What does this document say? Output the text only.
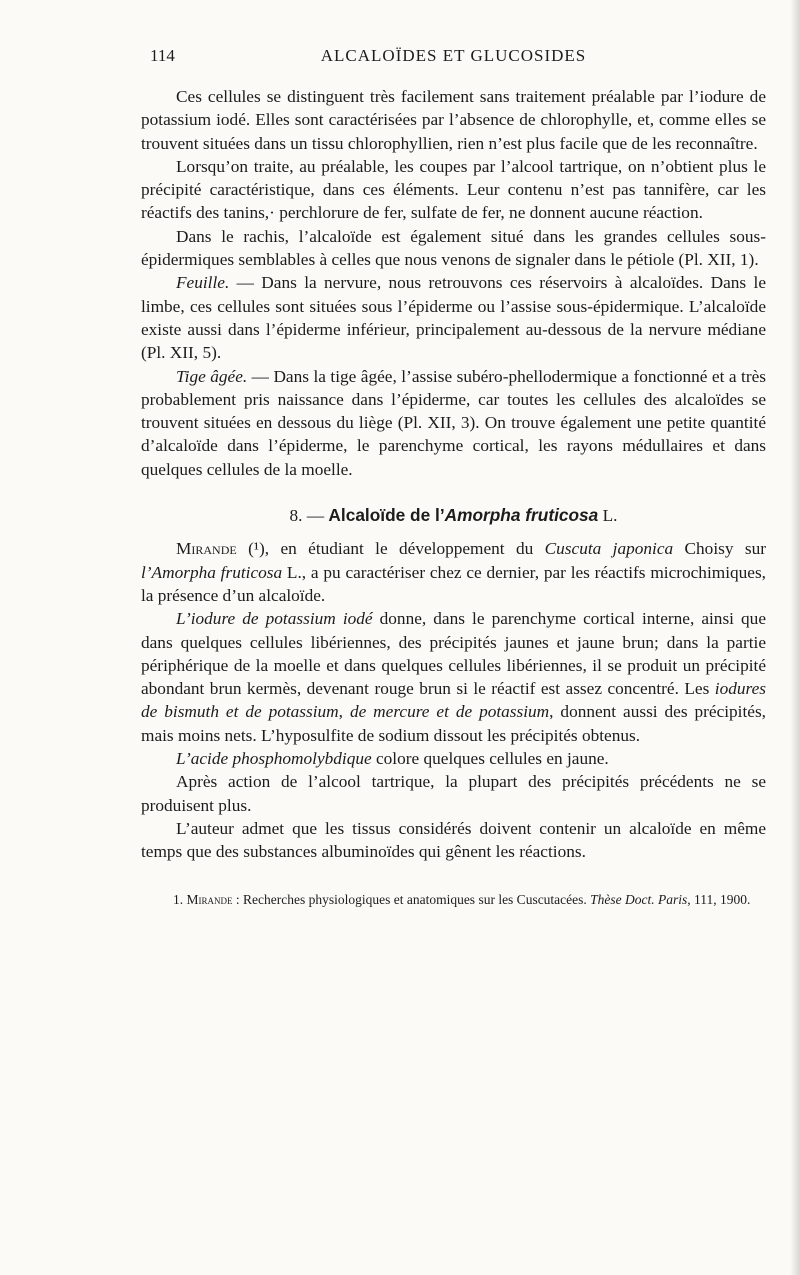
114	ALCALOÏDES ET GLUCOSIDES

Ces cellules se distinguent très facilement sans traitement préalable par l’iodure de potassium iodé. Elles sont caractérisées par l’absence de chlorophylle, et, comme elles se trouvent situées dans un tissu chlorophyllien, rien n’est plus facile que de les reconnaître.

Lorsqu’on traite, au préalable, les coupes par l’alcool tartrique, on n’obtient plus le précipité caractéristique, dans ces éléments. Leur contenu n’est pas tannifère, car les réactifs des tanins,· perchlorure de fer, sulfate de fer, ne donnent aucune réaction.

Dans le rachis, l’alcaloïde est également situé dans les grandes cellules sous-épidermiques semblables à celles que nous venons de signaler dans le pétiole (Pl. XII, 1).

Feuille. — Dans la nervure, nous retrouvons ces réservoirs à alcaloïdes. Dans le limbe, ces cellules sont situées sous l’épiderme ou l’assise sous-épidermique. L’alcaloïde existe aussi dans l’épiderme inférieur, principalement au-dessous de la nervure médiane (Pl. XII, 5).

Tige âgée. — Dans la tige âgée, l’assise subéro-phellodermique a fonctionné et a très probablement pris naissance dans l’épiderme, car toutes les cellules des alcaloïdes se trouvent situées en dessous du liège (Pl. XII, 3). On trouve également une petite quantité d’alcaloïde dans l’épiderme, le parenchyme cortical, les rayons médullaires et dans quelques cellules de la moelle.

8. — Alcaloïde de l’Amorpha fruticosa L.

Mirande (¹), en étudiant le développement du Cuscuta japonica Choisy sur l’Amorpha fruticosa L., a pu caractériser chez ce dernier, par les réactifs microchimiques, la présence d’un alcaloïde.

L’iodure de potassium iodé donne, dans le parenchyme cortical interne, ainsi que dans quelques cellules libériennes, des précipités jaunes et jaune brun; dans la partie périphérique de la moelle et dans quelques cellules libériennes, il se produit un précipité abondant brun kermès, devenant rouge brun si le réactif est assez concentré. Les iodures de bismuth et de potassium, de mercure et de potassium, donnent aussi des précipités, mais moins nets. L’hyposulfite de sodium dissout les précipités obtenus.

L’acide phosphomolybdique colore quelques cellules en jaune.

Après action de l’alcool tartrique, la plupart des précipités précédents ne se produisent plus.

L’auteur admet que les tissus considérés doivent contenir un alcaloïde en même temps que des substances albuminoïdes qui gênent les réactions.

1. Mirande : Recherches physiologiques et anatomiques sur les Cuscutacées. Thèse Doct. Paris, 111, 1900.
